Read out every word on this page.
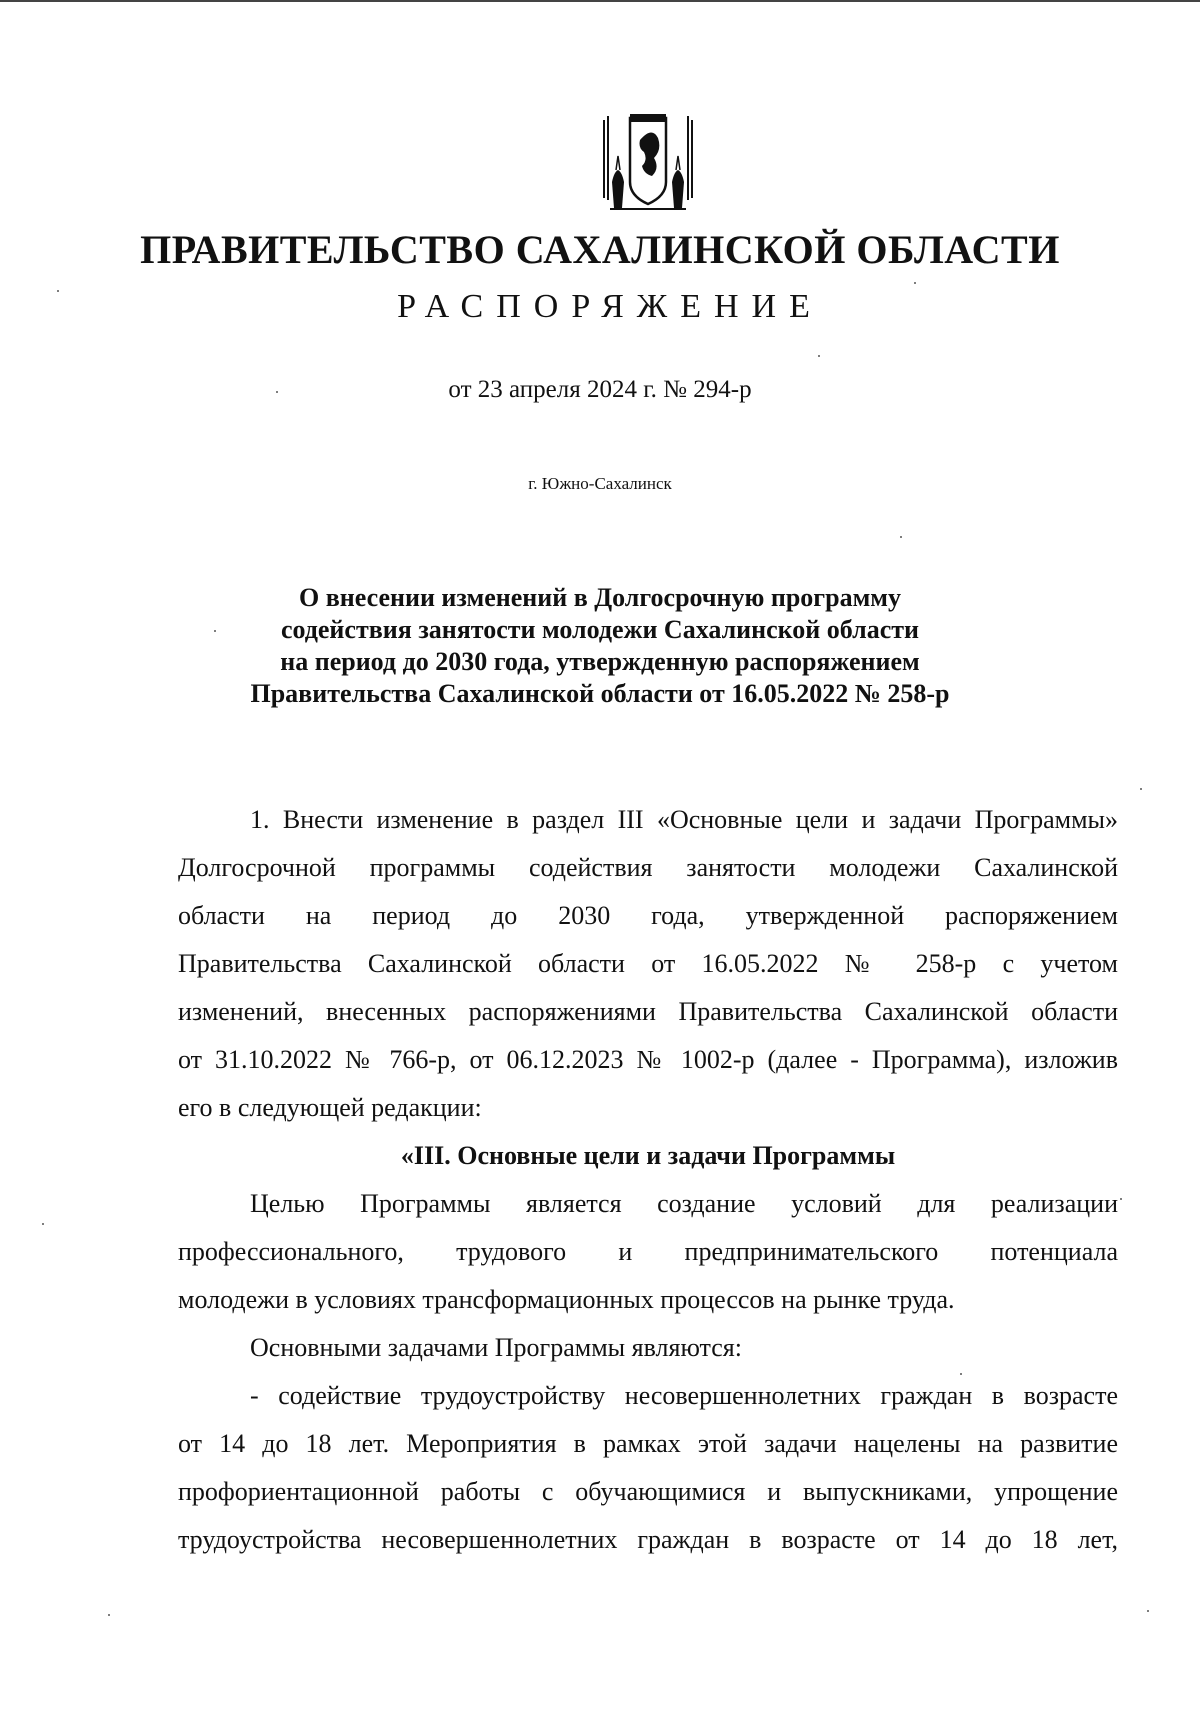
ПРАВИТЕЛЬСТВО САХАЛИНСКОЙ ОБЛАСТИ
РАСПОРЯЖЕНИЕ
от 23 апреля 2024 г. № 294-р
г. Южно-Сахалинск
О внесении изменений в Долгосрочную программу
содействия занятости молодежи Сахалинской области
на период до 2030 года, утвержденную распоряжением
Правительства Сахалинской области от 16.05.2022 № 258-р
1. Внести изменение в раздел III «Основные цели и задачи Программы»
Долгосрочной программы содействия занятости молодежи Сахалинской
области на период до 2030 года, утвержденной распоряжением
Правительства Сахалинской области от 16.05.2022 № 258-р с учетом
изменений, внесенных распоряжениями Правительства Сахалинской области
от 31.10.2022 № 766-р, от 06.12.2023 № 1002-р (далее - Программа), изложив
его в следующей редакции:
«III. Основные цели и задачи Программы
Целью Программы является создание условий для реализации
профессионального, трудового и предпринимательского потенциала
молодежи в условиях трансформационных процессов на рынке труда.
Основными задачами Программы являются:
- содействие трудоустройству несовершеннолетних граждан в возрасте
от 14 до 18 лет. Мероприятия в рамках этой задачи нацелены на развитие
профориентационной работы с обучающимися и выпускниками, упрощение
трудоустройства несовершеннолетних граждан в возрасте от 14 до 18 лет,
